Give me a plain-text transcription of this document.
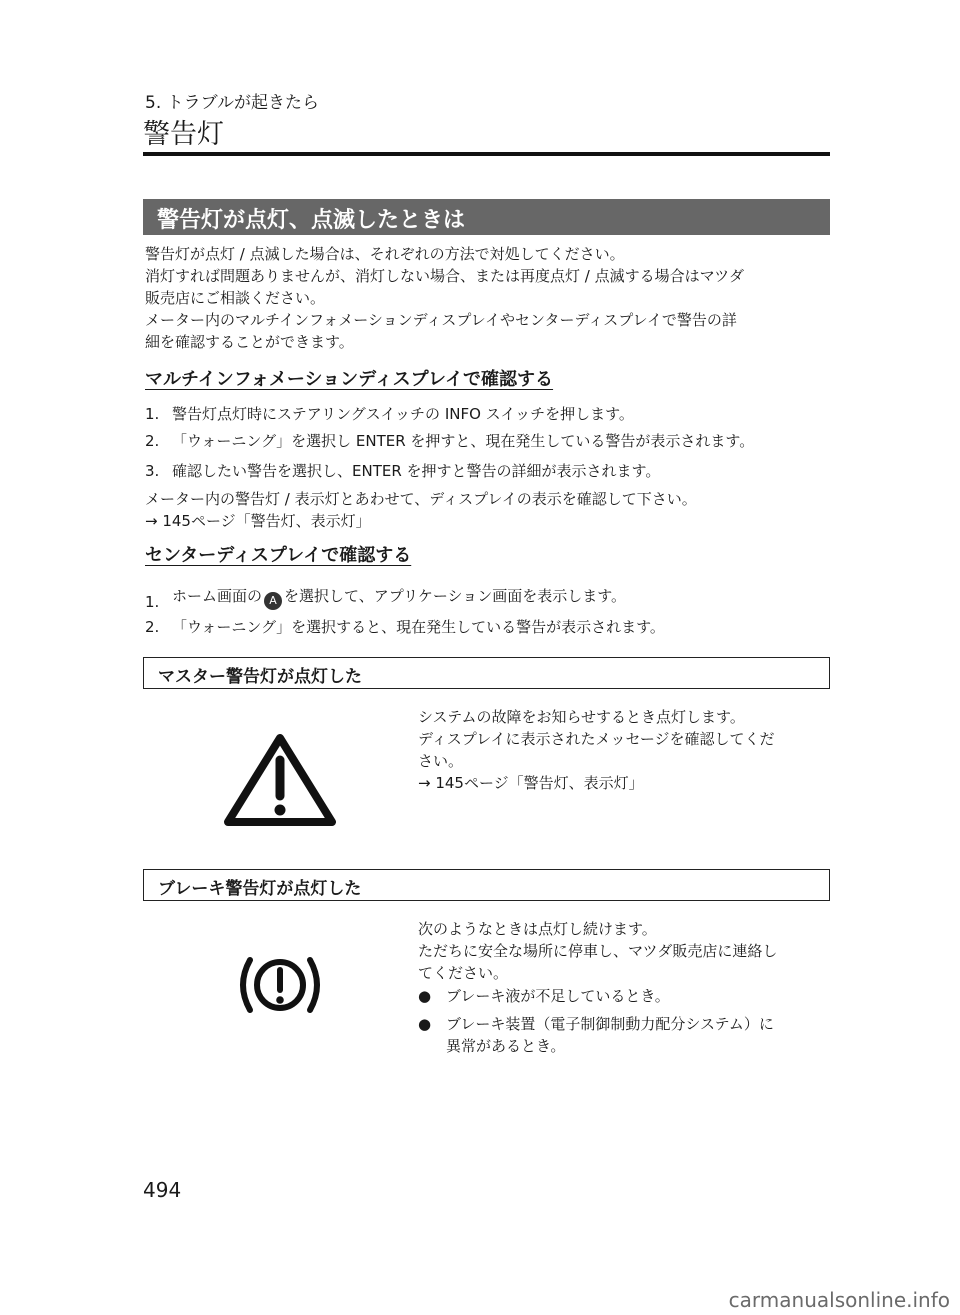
5. トラブルが起きたら
警告灯
警告灯が点灯、点滅したときは
警告灯が点灯 / 点滅した場合は、それぞれの方法で対処してください。
消灯すれば問題ありませんが、消灯しない場合、または再度点灯 / 点滅する場合はマツダ
販売店にご相談ください。
メーター内のマルチインフォメーションディスプレイやセンターディスプレイで警告の詳
細を確認することができます。
マルチインフォメーションディスプレイで確認する
1. 警告灯点灯時にステアリングスイッチの INFO スイッチを押します。
2. 「ウォーニング」を選択し ENTER を押すと、現在発生している警告が表示されます。
3. 確認したい警告を選択し、ENTER を押すと警告の詳細が表示されます。
メーター内の警告灯 / 表示灯とあわせて、ディスプレイの表示を確認して下さい。
→ 145ページ「警告灯、表示灯」
センターディスプレイで確認する
1. ホーム画面の A を選択して、アプリケーション画面を表示します。
2. 「ウォーニング」を選択すると、現在発生している警告が表示されます。
マスター警告灯が点灯した
システムの故障をお知らせするとき点灯します。
ディスプレイに表示されたメッセージを確認してくだ
さい。
→ 145ページ「警告灯、表示灯」
ブレーキ警告灯が点灯した
次のようなときは点灯し続けます。
ただちに安全な場所に停車し、マツダ販売店に連絡し
てください。
● ブレーキ液が不足しているとき。
● ブレーキ装置（電子制御制動力配分システム）に
異常があるとき。
494
carmanualsonline.info
